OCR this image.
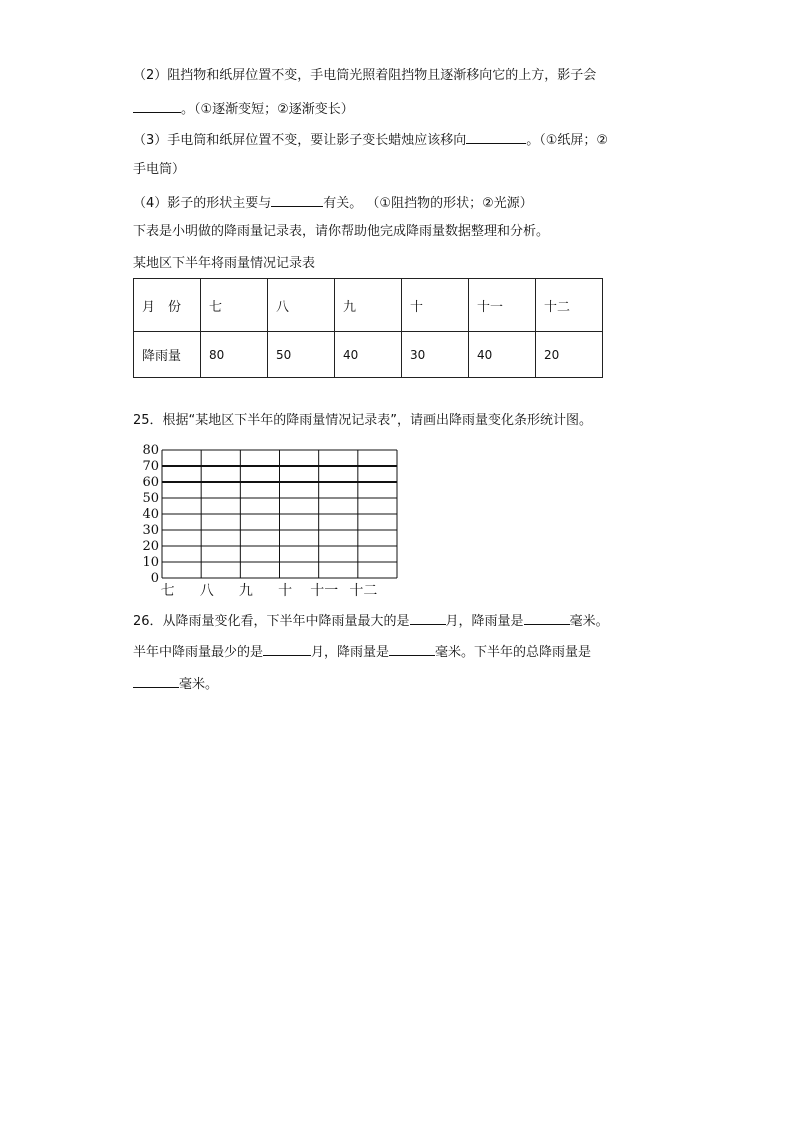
（2）阻挡物和纸屏位置不变，手电筒光照着阻挡物且逐渐移向它的上方，影子会
。（①逐渐变短；②逐渐变长）
（3）手电筒和纸屏位置不变，要让影子变长蜡烛应该移向	。（①纸屏；②
手电筒）
（4）影子的形状主要与	有关。 （①阻挡物的形状；②光源）
下表是小明做的降雨量记录表，请你帮助他完成降雨量数据整理和分析。
某地区下半年将雨量情况记录表
月　份	七	八	九	十	十一	十二
降雨量	80	50	40	30	40	20
25．根据“某地区下半年的降雨量情况记录表”，请画出降雨量变化条形统计图。
0
10
20
30
40
50
60
70
80
七 八 九 十 十一 十二
26．从降雨量变化看，下半年中降雨量最大的是	月，降雨量是	毫米。
半年中降雨量最少的是	月，降雨量是	毫米。下半年的总降雨量是
毫米。
